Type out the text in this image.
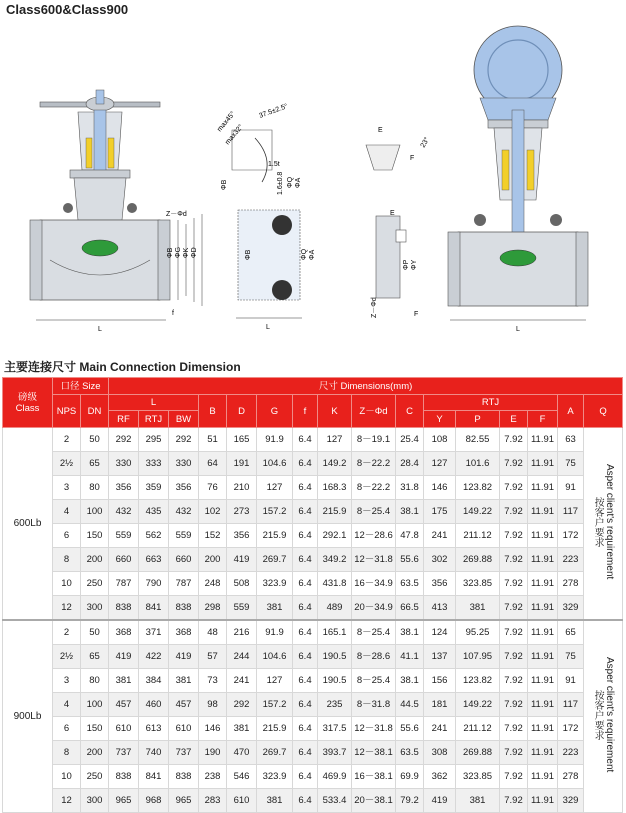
Class600&Class900
L
f
Z－Φd
ΦB ΦG ΦK ΦD
37.5±2.5°
max45°
max32°
1.5t
ΦB	1.6±0.8 ΦQ ΦA
ΦB	ΦQ ΦA
L
E
F
23°
E
ΦP ΦY
Z－Φd	F
L
主要连接尺寸 Main Connection Dimension
磅级
Class	口径 Size		尺寸 Dimensions(mm)															
	NPS	DN	L			B	D	G	f	K	Z－Φd	C	RTJ				A	Q
			RF	RTJ	BW								Y	P	E	F		
600Lb	2	50	292	295	292	51	165	91.9	6.4	127	8－19.1	25.4	108	82.55	7.92	11.91	63	Asper client's requirement
按客户要求

	2½	65	330	333	330	64	191	104.6	6.4	149.2	8－22.2	28.4	127	101.6	7.92	11.91	75	
	3	80	356	359	356	76	210	127	6.4	168.3	8－22.2	31.8	146	123.82	7.92	11.91	91	
	4	100	432	435	432	102	273	157.2	6.4	215.9	8－25.4	38.1	175	149.22	7.92	11.91	117	
	6	150	559	562	559	152	356	215.9	6.4	292.1	12－28.6	47.8	241	211.12	7.92	11.91	172	
	8	200	660	663	660	200	419	269.7	6.4	349.2	12－31.8	55.6	302	269.88	7.92	11.91	223	
	10	250	787	790	787	248	508	323.9	6.4	431.8	16－34.9	63.5	356	323.85	7.92	11.91	278	
	12	300	838	841	838	298	559	381	6.4	489	20－34.9	66.5	413	381	7.92	11.91	329	
900Lb	2	50	368	371	368	48	216	91.9	6.4	165.1	8－25.4	38.1	124	95.25	7.92	11.91	65	Asper client's requirement
按客户要求

	2½	65	419	422	419	57	244	104.6	6.4	190.5	8－28.6	41.1	137	107.95	7.92	11.91	75	
	3	80	381	384	381	73	241	127	6.4	190.5	8－25.4	38.1	156	123.82	7.92	11.91	91	
	4	100	457	460	457	98	292	157.2	6.4	235	8－31.8	44.5	181	149.22	7.92	11.91	117	
	6	150	610	613	610	146	381	215.9	6.4	317.5	12－31.8	55.6	241	211.12	7.92	11.91	172	
	8	200	737	740	737	190	470	269.7	6.4	393.7	12－38.1	63.5	308	269.88	7.92	11.91	223	
	10	250	838	841	838	238	546	323.9	6.4	469.9	16－38.1	69.9	362	323.85	7.92	11.91	278	
	12	300	965	968	965	283	610	381	6.4	533.4	20－38.1	79.2	419	381	7.92	11.91	329	
